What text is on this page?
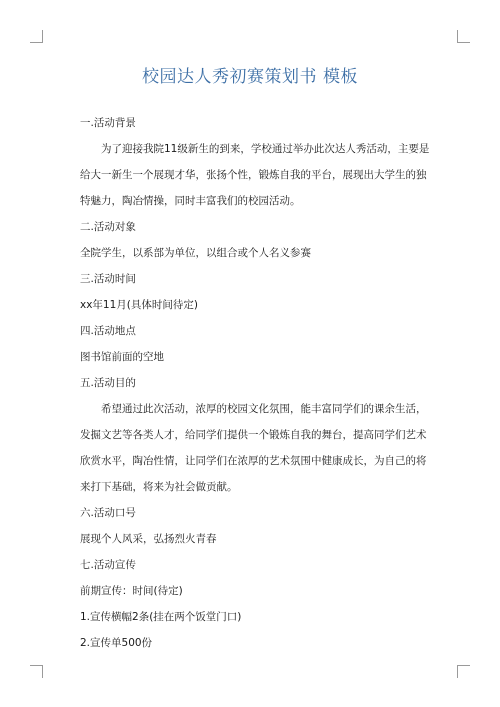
校园达人秀初赛策划书 模板

一.活动背景

为了迎接我院11级新生的到来，学校通过举办此次达人秀活动，主要是给大一新生一个展现才华，张扬个性，锻炼自我的平台，展现出大学生的独特魅力，陶冶情操，同时丰富我们的校园活动。

二.活动对象

全院学生，以系部为单位，以组合或个人名义参赛

三.活动时间

xx年11月(具体时间待定)

四.活动地点

图书馆前面的空地

五.活动目的

希望通过此次活动，浓厚的校园文化氛围，能丰富同学们的课余生活，发掘文艺等各类人才，给同学们提供一个锻炼自我的舞台，提高同学们艺术欣赏水平，陶冶性情，让同学们在浓厚的艺术氛围中健康成长，为自己的将来打下基础，将来为社会做贡献。

六.活动口号

展现个人风采，弘扬烈火青春

七.活动宣传

前期宣传：时间(待定)

1.宣传横幅2条(挂在两个饭堂门口)

2.宣传单500份
